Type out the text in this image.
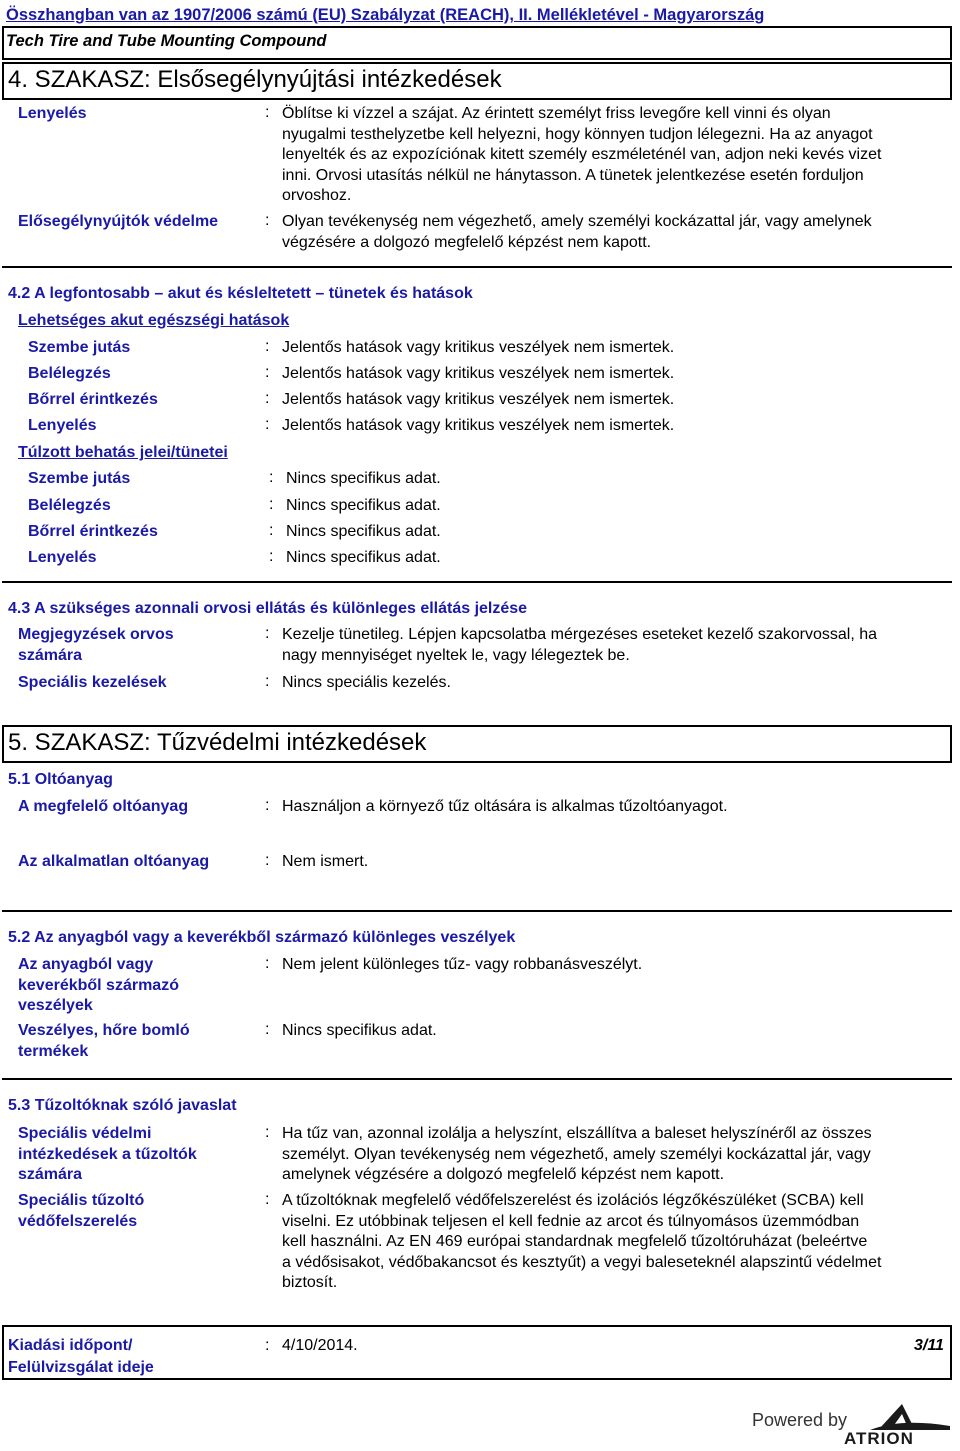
Összhangban van az 1907/2006 számú (EU) Szabályzat (REACH), II. Mellékletével - Magyarország
Tech Tire and Tube Mounting Compound
4. SZAKASZ: Elsősegélynyújtási intézkedések
Lenyelés	: Öblítse ki vízzel a szájat. Az érintett személyt friss levegőre kell vinni és olyan
nyugalmi testhelyzetbe kell helyezni, hogy könnyen tudjon lélegezni. Ha az anyagot
lenyelték és az expozíciónak kitett személy eszméleténél van, adjon neki kevés vizet
inni. Orvosi utasítás nélkül ne hánytasson. A tünetek jelentkezése esetén forduljon
orvoshoz.
Elősegélynyújtók védelme	: Olyan tevékenység nem végezhető, amely személyi kockázattal jár, vagy amelynek
végzésére a dolgozó megfelelő képzést nem kapott.
4.2 A legfontosabb – akut és késleltetett – tünetek és hatások
Lehetséges akut egészségi hatások
Szembe jutás	: Jelentős hatások vagy kritikus veszélyek nem ismertek.
Belélegzés	: Jelentős hatások vagy kritikus veszélyek nem ismertek.
Bőrrel érintkezés	: Jelentős hatások vagy kritikus veszélyek nem ismertek.
Lenyelés	: Jelentős hatások vagy kritikus veszélyek nem ismertek.
Túlzott behatás jelei/tünetei
Szembe jutás	: Nincs specifikus adat.
Belélegzés	: Nincs specifikus adat.
Bőrrel érintkezés	: Nincs specifikus adat.
Lenyelés	: Nincs specifikus adat.
4.3 A szükséges azonnali orvosi ellátás és különleges ellátás jelzése
Megjegyzések orvos
számára
: Kezelje tünetileg. Lépjen kapcsolatba mérgezéses eseteket kezelő szakorvossal, ha
nagy mennyiséget nyeltek le, vagy lélegeztek be.
Speciális kezelések	: Nincs speciális kezelés.
5. SZAKASZ: Tűzvédelmi intézkedések
5.1 Oltóanyag
A megfelelő oltóanyag	: Használjon a környező tűz oltására is alkalmas tűzoltóanyagot.
Az alkalmatlan oltóanyag	: Nem ismert.
5.2 Az anyagból vagy a keverékből származó különleges veszélyek
Az anyagból vagy
keverékből származó
veszélyek
: Nem jelent különleges tűz- vagy robbanásveszélyt.
Veszélyes, hőre bomló
termékek
: Nincs specifikus adat.
5.3 Tűzoltóknak szóló javaslat
Speciális védelmi
intézkedések a tűzoltók
számára
: Ha tűz van, azonnal izolálja a helyszínt, elszállítva a baleset helyszínéről az összes
személyt. Olyan tevékenység nem végezhető, amely személyi kockázattal jár, vagy
amelynek végzésére a dolgozó megfelelő képzést nem kapott.
Speciális tűzoltó
védőfelszerelés
: A tűzoltóknak megfelelő védőfelszerelést és izolációs légzőkészüléket (SCBA) kell
viselni. Ez utóbbinak teljesen el kell fednie az arcot és túlnyomásos üzemmódban
kell használni. Az EN 469 európai standardnak megfelelő tűzoltóruházat (beleértve
a védősisakot, védőbakancsot és kesztyűt) a vegyi baleseteknél alapszintű védelmet
biztosít.
Kiadási időpont/
Felülvizsgálat ideje
: 4/10/2014.	3/11
Powered by
ATRION
